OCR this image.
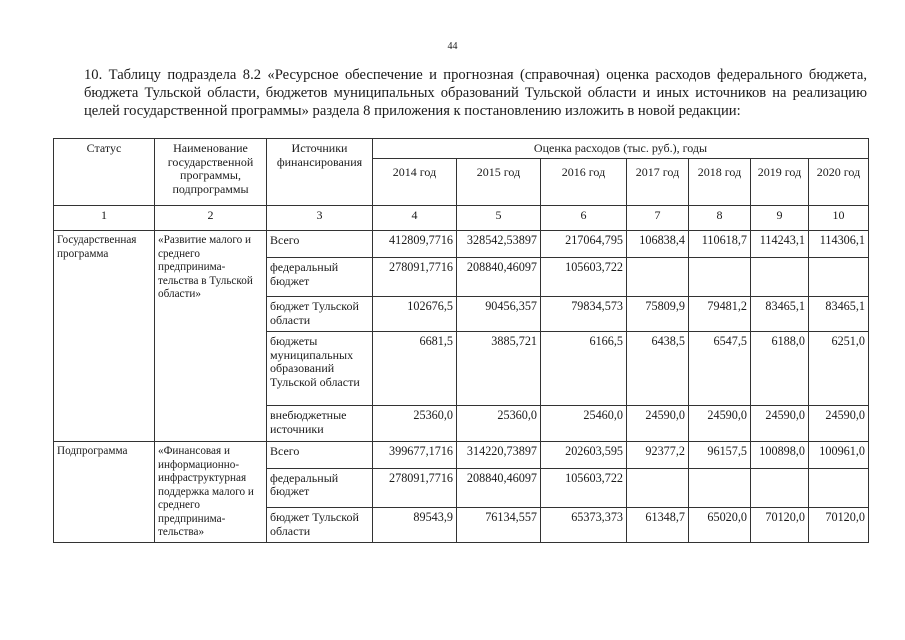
44
10. Таблицу подраздела 8.2 «Ресурсное обеспечение и прогнозная (справочная) оценка расходов федерального бюджета, бюджета Тульской области, бюджетов муниципальных образований Тульской области и иных источников на реализацию целей государственной программы» раздела 8 приложения к постановлению изложить в новой редакции:
Статус	Наименование государственной программы, подпрограммы	Источники финансирования	Оценка расходов (тыс. руб.), годы						
			2014 год	2015 год	2016 год	2017 год	2018 год	2019 год	2020 год
1	2	3	4	5	6	7	8	9	10
Государственная программа	«Развитие малого и среднего предпринима-тельства в Тульской области»	Всего	412809,7716	328542,53897	217064,795	106838,4	110618,7	114243,1	114306,1
		федеральный бюджет	278091,7716	208840,46097	105603,722				
		бюджет Тульской области	102676,5	90456,357	79834,573	75809,9	79481,2	83465,1	83465,1
		бюджеты муниципальных образований Тульской области	6681,5	3885,721	6166,5	6438,5	6547,5	6188,0	6251,0
		внебюджетные источники	25360,0	25360,0	25460,0	24590,0	24590,0	24590,0	24590,0
Подпрограмма	«Финансовая и информационно-инфраструктурная поддержка малого и среднего предпринима-тельства»	Всего	399677,1716	314220,73897	202603,595	92377,2	96157,5	100898,0	100961,0
		федеральный бюджет	278091,7716	208840,46097	105603,722				
		бюджет Тульской области	89543,9	76134,557	65373,373	61348,7	65020,0	70120,0	70120,0
